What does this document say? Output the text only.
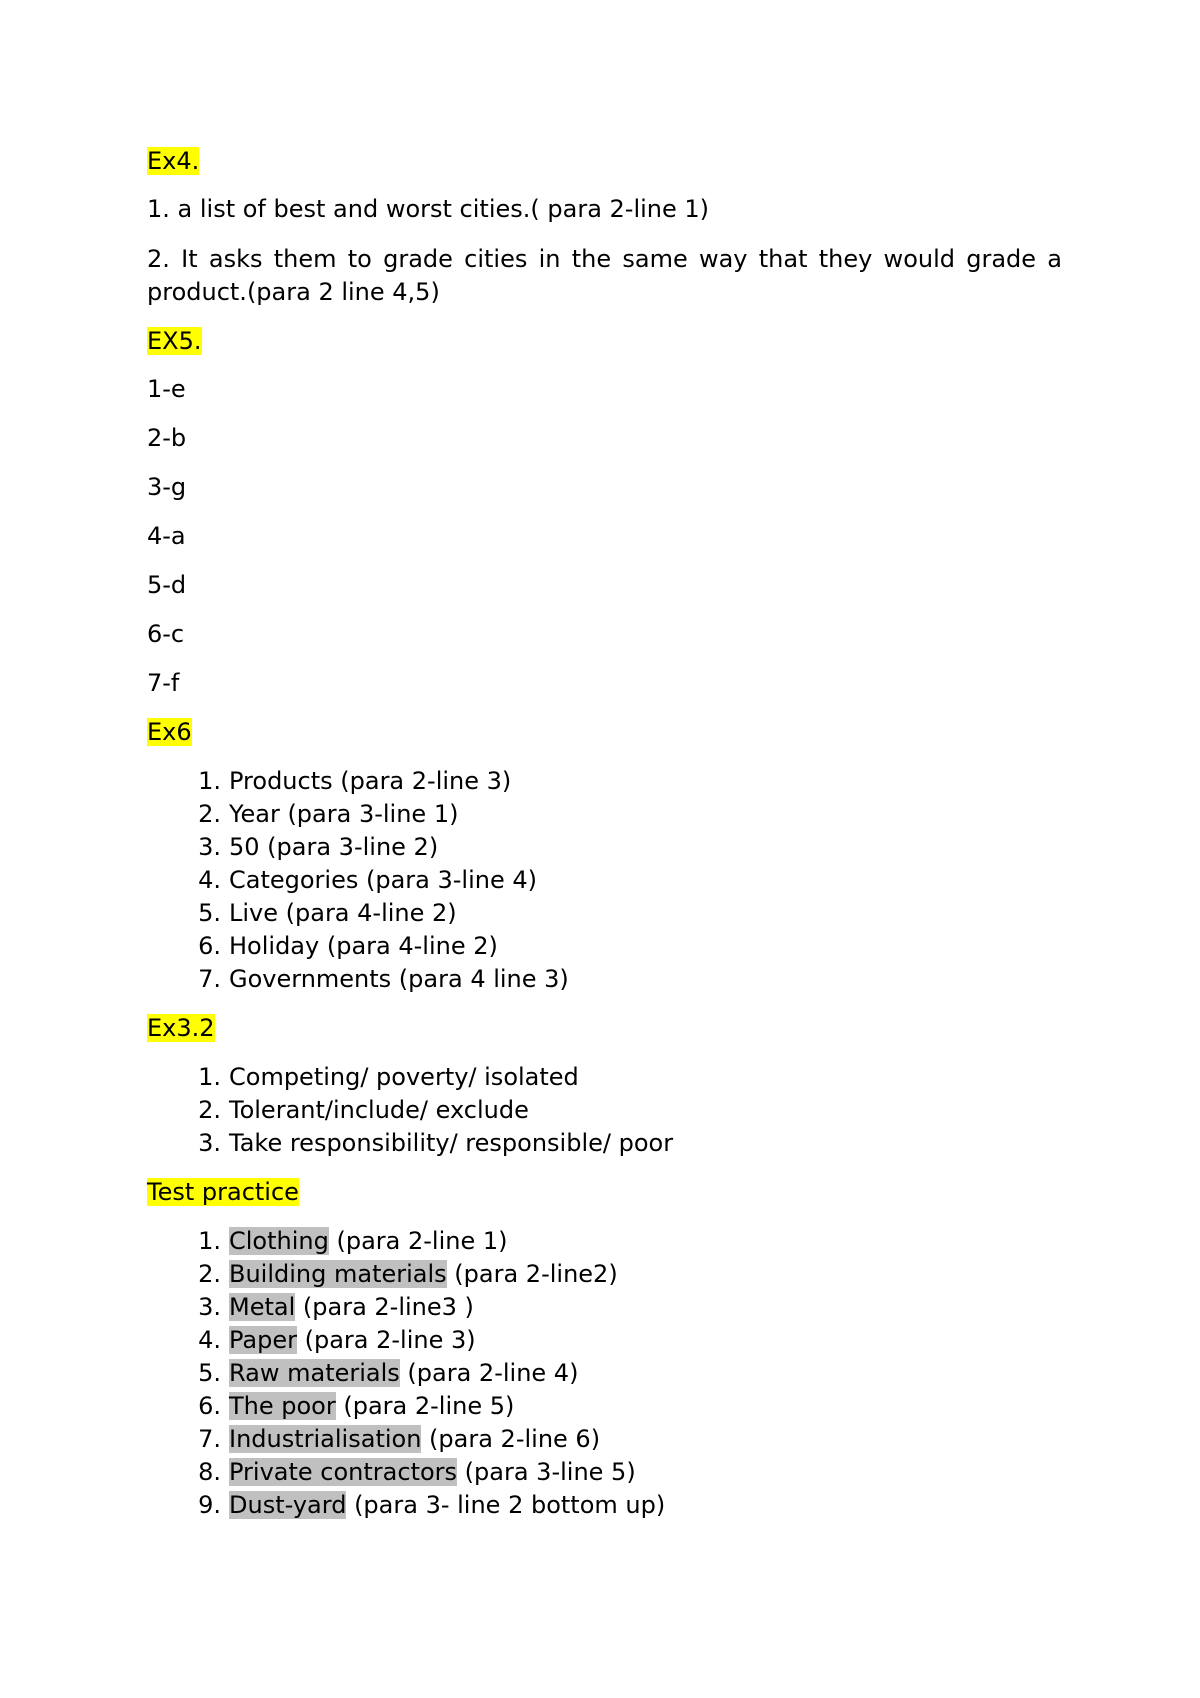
Ex4.
1. a list of best and worst cities.( para 2-line 1)
2. It asks them to grade cities in the same way that they would grade a product.(para 2 line 4,5)
EX5.
1-e
2-b
3-g
4-a
5-d
6-c
7-f
Ex6
1. Products (para 2-line 3)
2. Year (para 3-line 1)
3. 50 (para 3-line 2)
4. Categories (para 3-line 4)
5. Live (para 4-line 2)
6. Holiday (para 4-line 2)
7. Governments (para 4 line 3)
Ex3.2
1. Competing/ poverty/ isolated
2. Tolerant/include/ exclude
3. Take responsibility/ responsible/ poor
Test practice
1. Clothing (para 2-line 1)
2. Building materials (para 2-line2)
3. Metal (para 2-line3 )
4. Paper (para 2-line 3)
5. Raw materials (para 2-line 4)
6. The poor (para 2-line 5)
7. Industrialisation (para 2-line 6)
8. Private contractors (para 3-line 5)
9. Dust-yard (para 3- line 2 bottom up)
